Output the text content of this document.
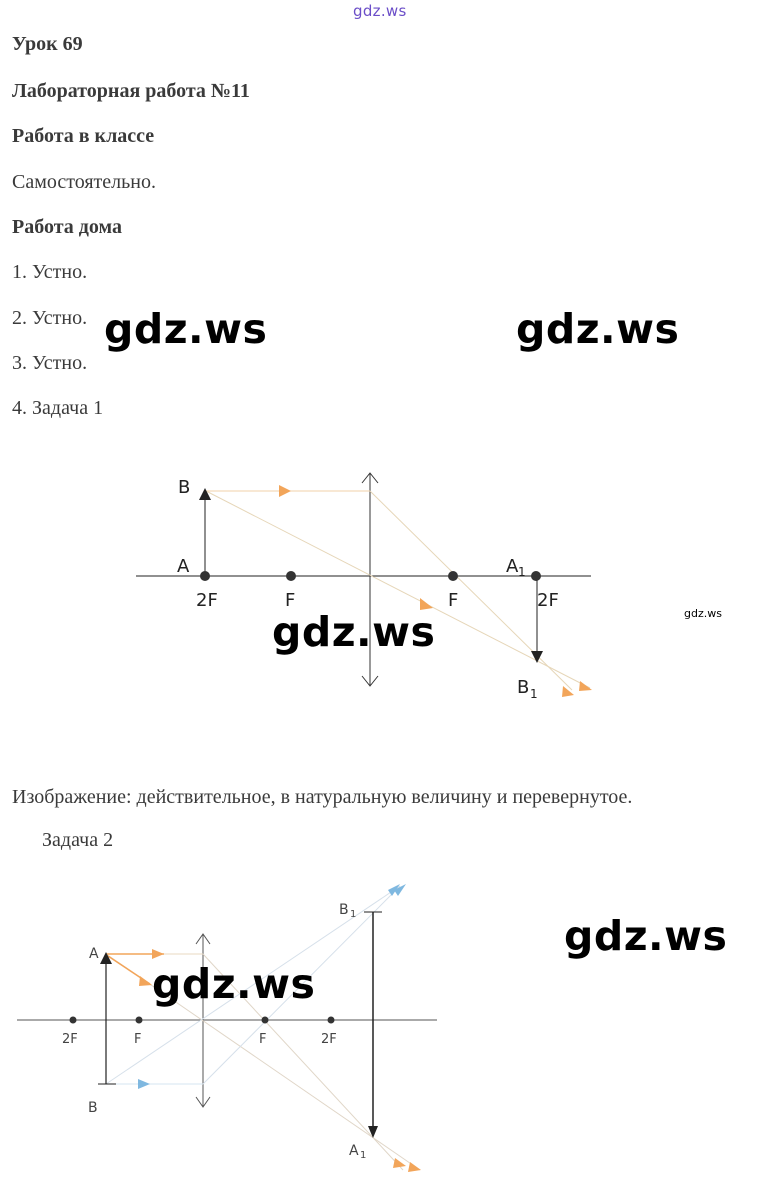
gdz.ws
Урок 69
Лабораторная работа №11
Работа в классе
Самостоятельно.
Работа дома
1. Устно.
2. Устно.
3. Устно.
4. Задача 1
Изображение: действительное, в натуральную величину и перевернутое.
Задача 2
B
A
2F	F	F
A 1
2F
B 1
A
B
2F	F	F	2F
B 1
A 1
gdz.ws	gdz.ws
gdz.ws
gdz.ws
gdz.ws
gdz.ws
